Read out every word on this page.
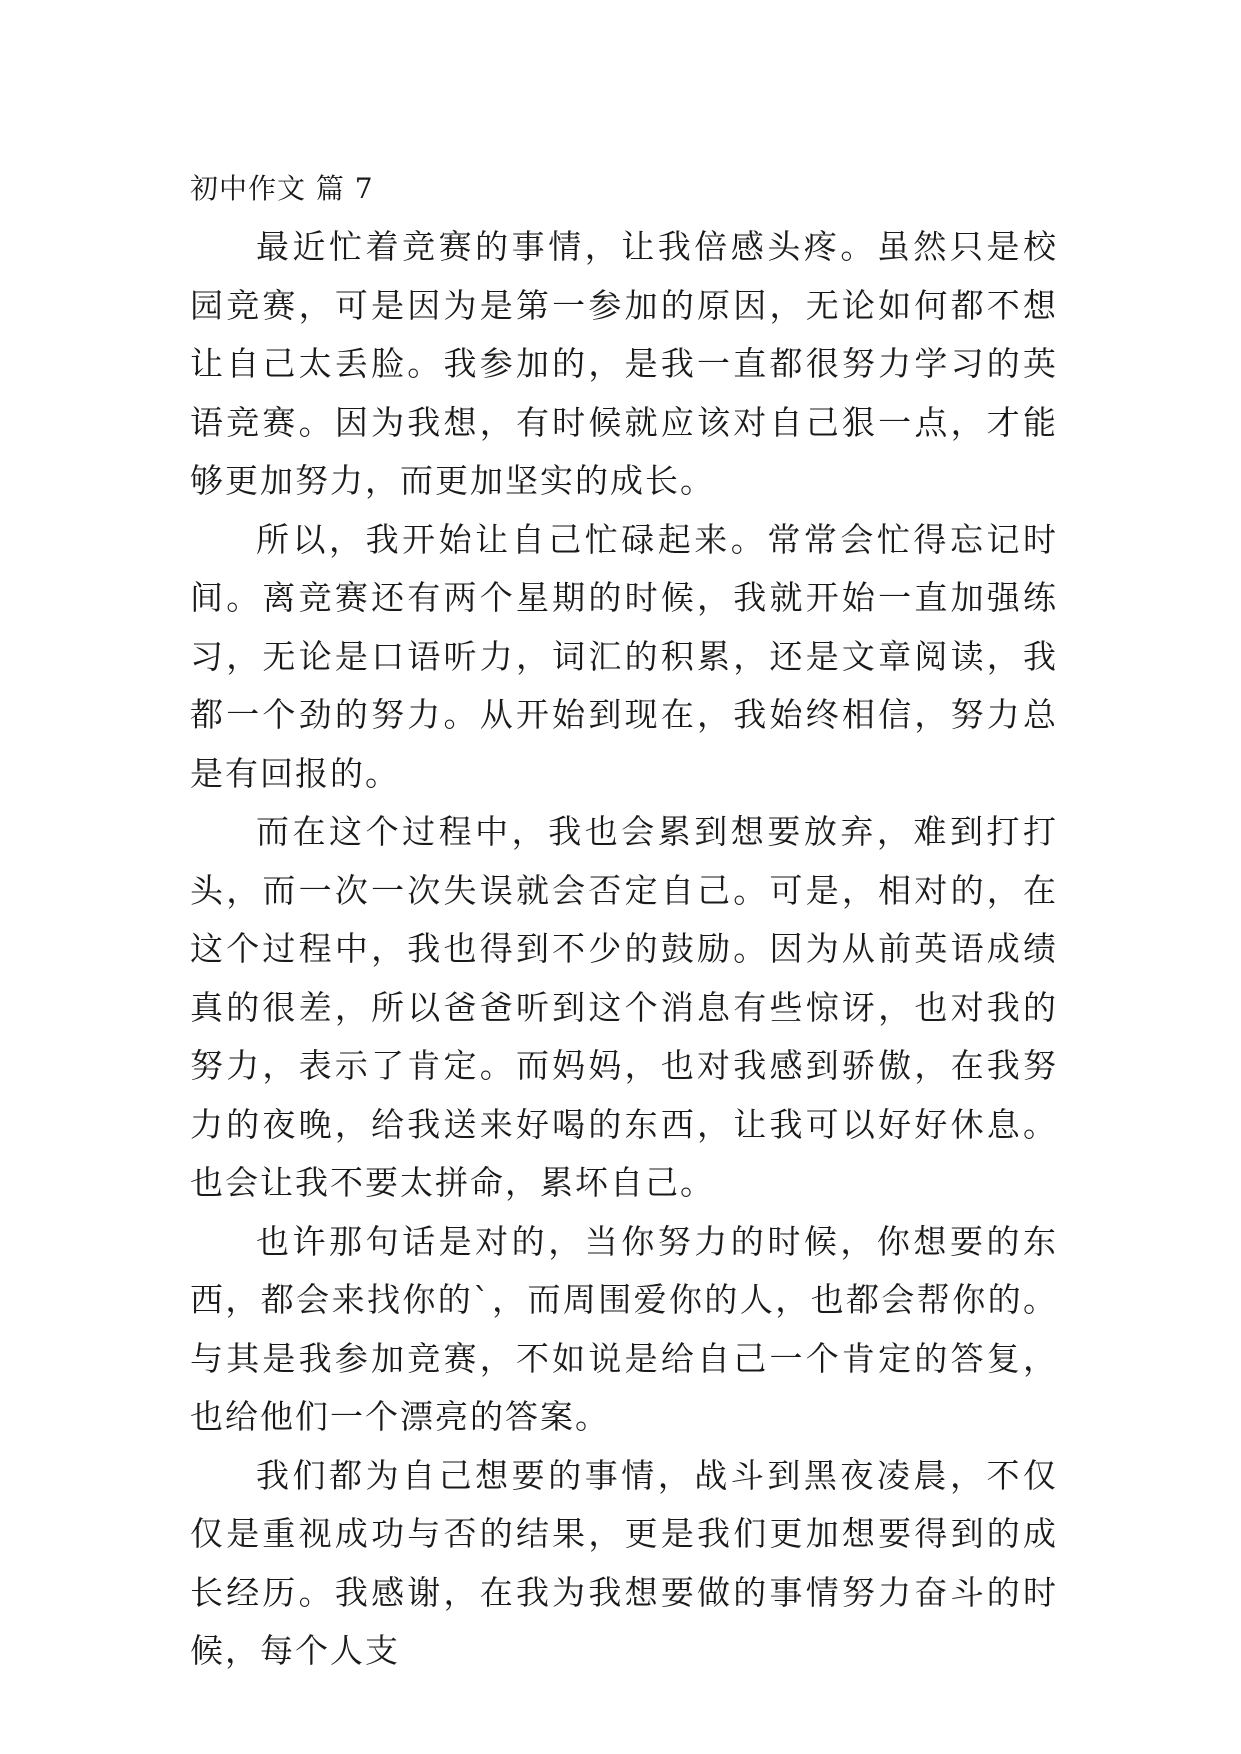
初中作文 篇 7

最近忙着竞赛的事情，让我倍感头疼。虽然只是校园竞赛，可是因为是第一参加的原因，无论如何都不想让自己太丢脸。我参加的，是我一直都很努力学习的英语竞赛。因为我想，有时候就应该对自己狠一点，才能够更加努力，而更加坚实的成长。

所以，我开始让自己忙碌起来。常常会忙得忘记时间。离竞赛还有两个星期的时候，我就开始一直加强练习，无论是口语听力，词汇的积累，还是文章阅读，我都一个劲的努力。从开始到现在，我始终相信，努力总是有回报的。

而在这个过程中，我也会累到想要放弃，难到打打头，而一次一次失误就会否定自己。可是，相对的，在这个过程中，我也得到不少的鼓励。因为从前英语成绩真的很差，所以爸爸听到这个消息有些惊讶，也对我的努力，表示了肯定。而妈妈，也对我感到骄傲，在我努力的夜晚，给我送来好喝的东西，让我可以好好休息。也会让我不要太拼命，累坏自己。

也许那句话是对的，当你努力的时候，你想要的东西，都会来找你的`，而周围爱你的人，也都会帮你的。与其是我参加竞赛，不如说是给自己一个肯定的答复，也给他们一个漂亮的答案。

我们都为自己想要的事情，战斗到黑夜凌晨，不仅仅是重视成功与否的结果，更是我们更加想要得到的成长经历。我感谢，在我为我想要做的事情努力奋斗的时候，每个人支
